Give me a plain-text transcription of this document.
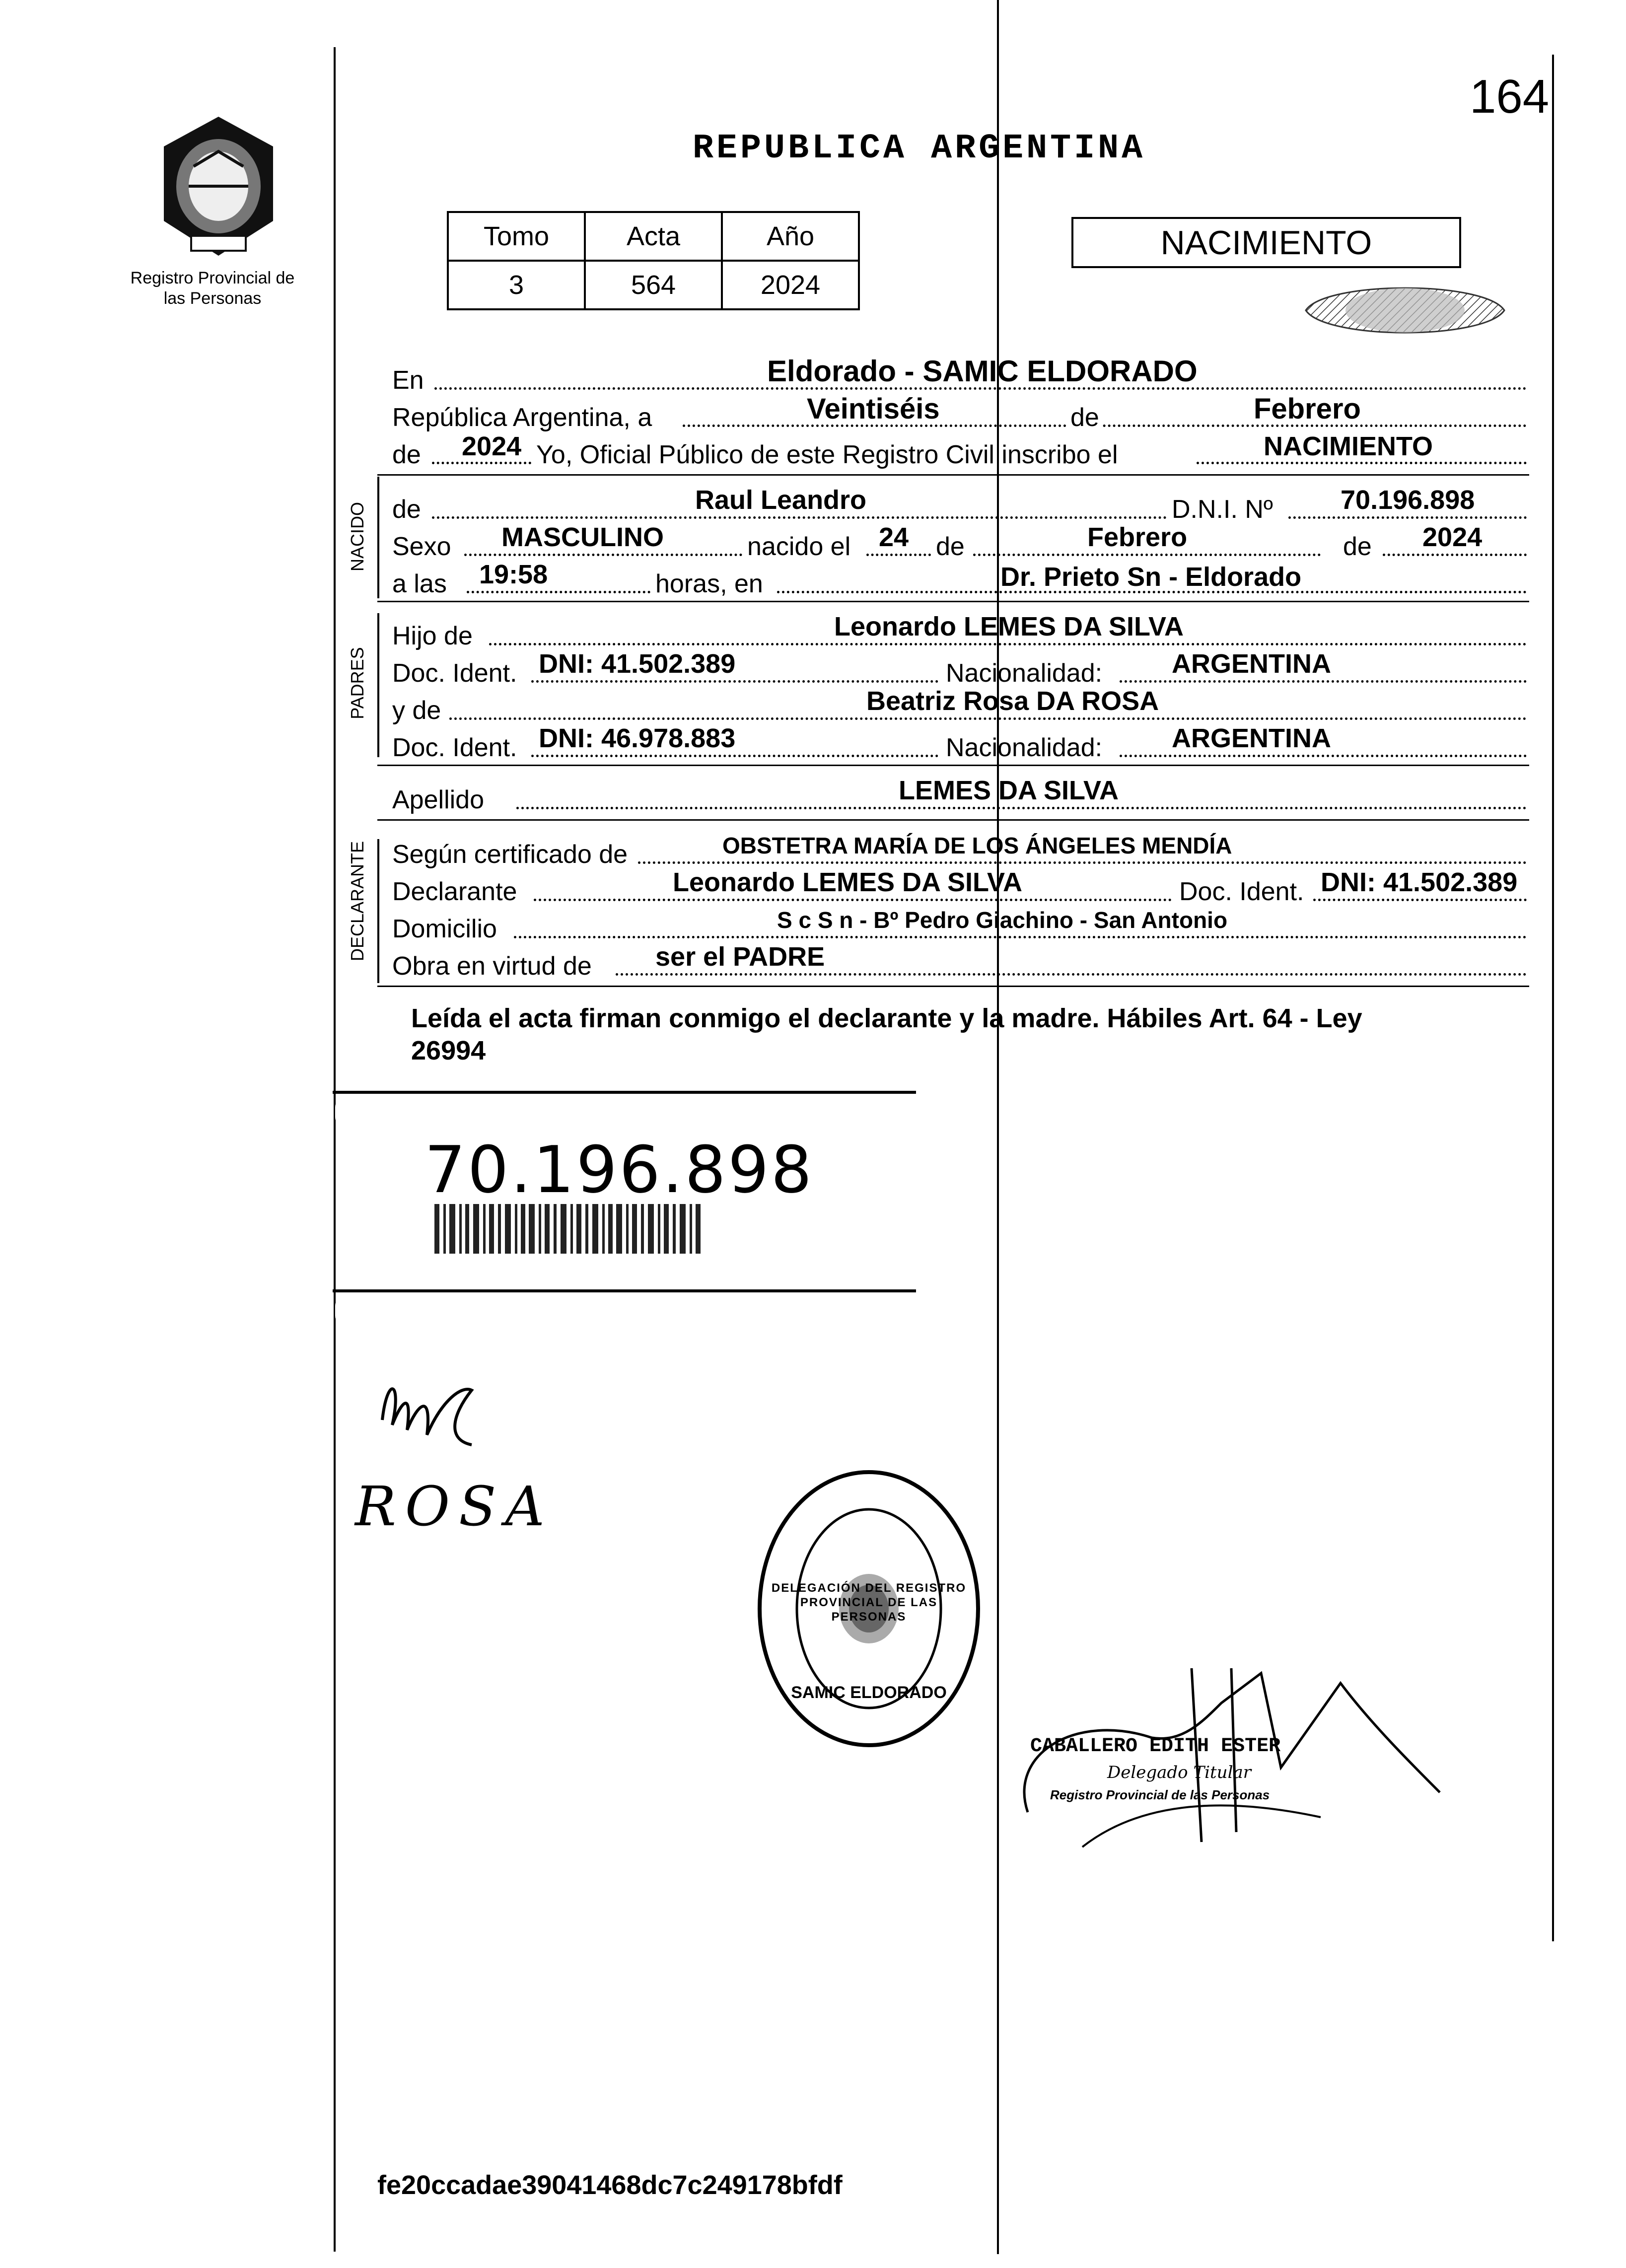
Registro Provincial de las Personas
REPUBLICA ARGENTINA
164
Tomo	Acta	Año
3	564	2024
NACIMIENTO
En	Eldorado - SAMIC ELDORADO
República Argentina, a	Veintiséis	de	Febrero
de 2024 Yo, Oficial Público de este Registro Civil inscribo el	NACIMIENTO
NACIDO de	Raul Leandro	D.N.I. Nº	70.196.898
Sexo MASCULINO	nacido el 24 de	Febrero	de 2024
a las 19:58	horas, en	Dr. Prieto Sn - Eldorado
PADRES
Hijo de	Leonardo LEMES DA SILVA
Doc. Ident. DNI: 41.502.389	Nacionalidad:	ARGENTINA
y de	Beatriz Rosa DA ROSA
Doc. Ident. DNI: 46.978.883	Nacionalidad:	ARGENTINA
Apellido	LEMES DA SILVA
DECLARANTE Según certificado de	OBSTETRA MARÍA DE LOS ÁNGELES MENDÍA
Declarante	Leonardo LEMES DA SILVA	Doc. Ident. DNI: 41.502.389
Domicilio	S c S n - Bº Pedro Giachino - San Antonio
Obra en virtud de ser el PADRE
Leída el acta firman conmigo el declarante y la madre. Hábiles Art. 64 - Ley
26994
R	R	R	R	R	R
R	R	R	R	R	R
70.196.898
ROSA
DELEGACIÓN DEL REGISTRO PROVINCIAL DE LAS PERSONAS
SAMIC ELDORADO
CABALLERO EDITH ESTER
Delegado Titular
Registro Provincial de las Personas
fe20ccadae39041468dc7c249178bfdf
